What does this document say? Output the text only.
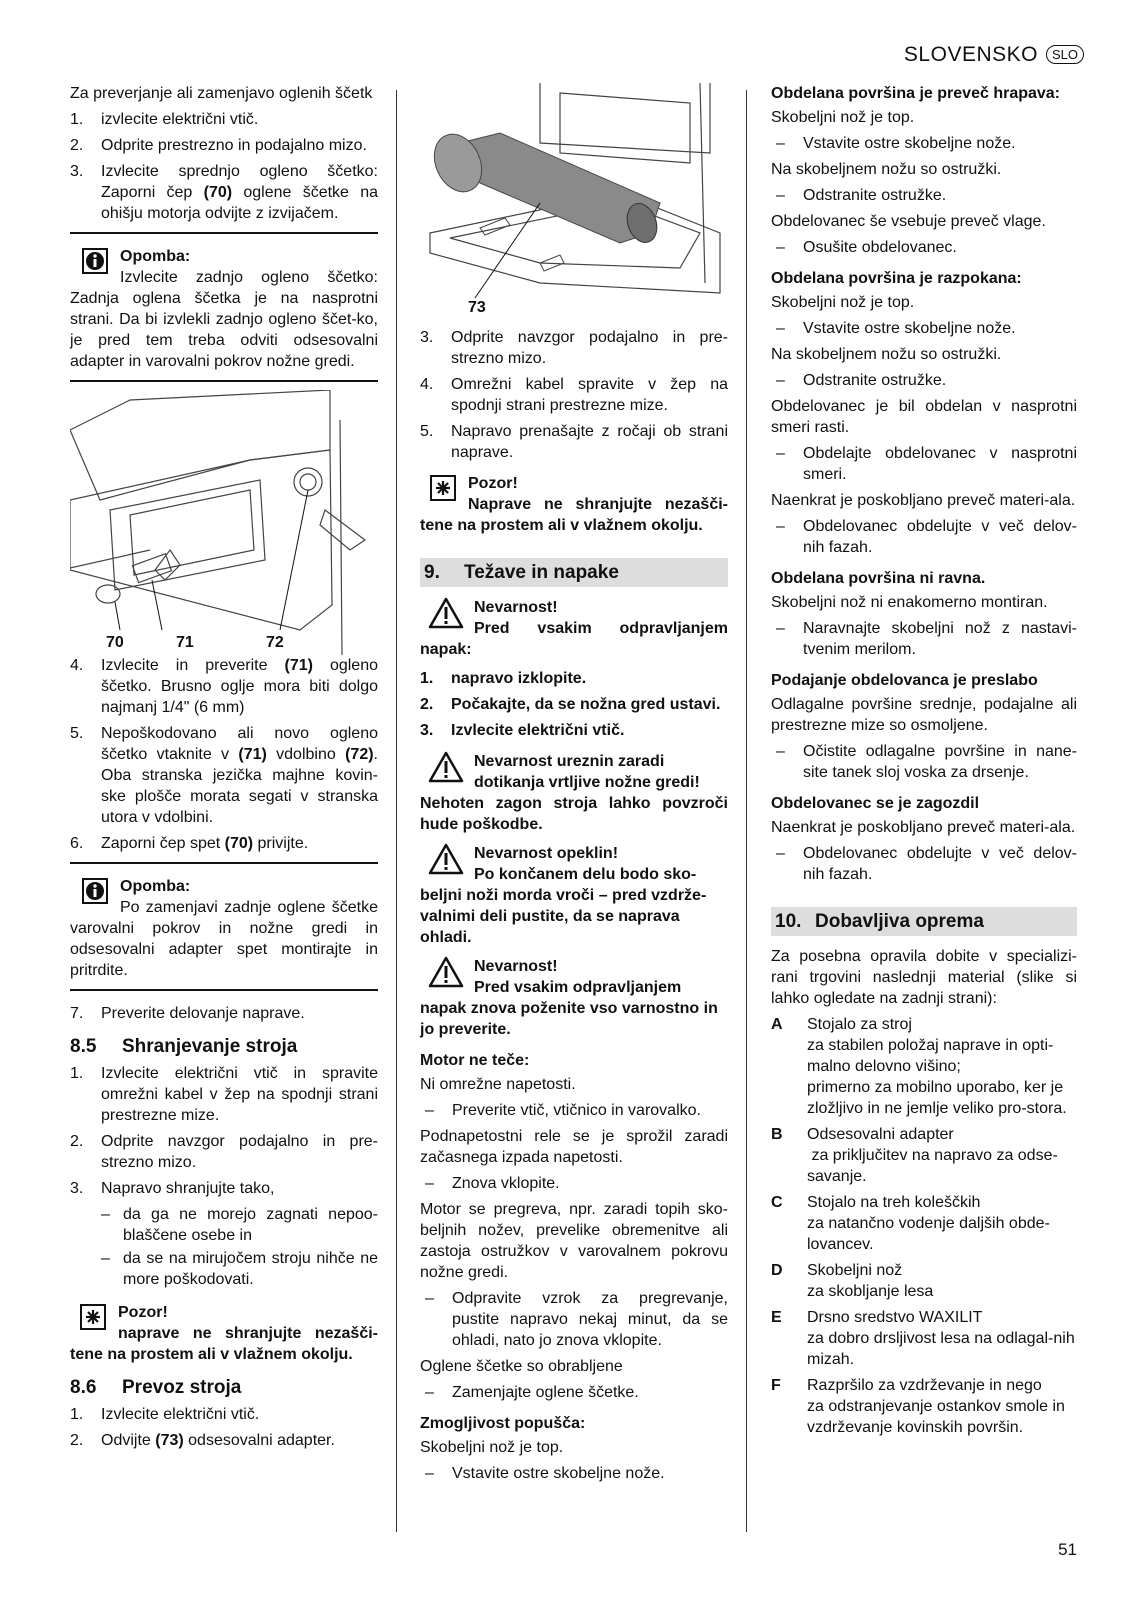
SLOVENSKO	SLO

Za preverjanje ali zamenjavo oglenih ščetk

1.	izvlecite električni vtič.
2.	Odprite prestrezno in podajalno mizo.
3.	Izvlecite sprednjo ogleno ščetko: Zaporni čep (70) oglene ščetke na ohišju motorja odvijte z izvijačem.

Opomba:
Izvlecite zadnjo ogleno ščetko: Zadnja oglena ščetka je na nasprotni strani. Da bi izvlekli zadnjo ogleno ščet-ko, je pred tem treba odviti odsesovalni adapter in varovalni pokrov nožne gredi.

70	71	72
4.	Izvlecite in preverite (71) ogleno ščetko. Brusno oglje mora biti dolgo najmanj 1/4" (6 mm)
5.	Nepoškodovano ali novo ogleno ščetko vtaknite v (71) vdolbino (72). Oba stranska jezička majhne kovin-ske plošče morata segati v stranska utora v vdolbini.
6.	Zaporni čep spet (70) privijte.

Opomba:
Po zamenjavi zadnje oglene ščetke varovalni pokrov in nožne gredi in odsesovalni adapter spet montirajte in pritrdite.

7.	Preverite delovanje naprave.
8.5	Shranjevanje stroja
1.	Izvlecite električni vtič in spravite omrežni kabel v žep na spodnji strani prestrezne mize.
2.	Odprite navzgor podajalno in pre-strezno mizo.
3.	Napravo shranjujte tako,
– da ga ne morejo zagnati nepoo-blaščene osebe in
– da se na mirujočem stroju nihče ne more poškodovati.

Pozor!
naprave ne shranjujte nezašči-tene na prostem ali v vlažnem okolju.

8.6	Prevoz stroja
1.	Izvlecite električni vtič.
2.	Odvijte (73) odsesovalni adapter.
73
3.	Odprite navzgor podajalno in pre-strezno mizo.
4.	Omrežni kabel spravite v žep na spodnji strani prestrezne mize.
5.	Napravo prenašajte z ročaji ob strani naprave.

Pozor!
Naprave ne shranjujte nezašči-tene na prostem ali v vlažnem okolju.

9.	Težave in napake
Nevarnost!

Pred vsakim odpravljanjem napak:
1.	napravo izklopite.
2.	Počakajte, da se nožna gred ustavi.
3.	Izvlecite električni vtič.
Nevarnost ureznin zaradi dotikanja vrtljive nožne gredi!
Nehoten zagon stroja lahko povzroči hude poškodbe.
Nevarnost opeklin!
Po končanem delu bodo sko-beljni noži morda vroči – pred vzdrže-valnimi deli pustite, da se naprava ohladi.
Nevarnost!
Pred vsakim odpravljanjem napak znova poženite vso varnostno in jo preverite.
Motor ne teče:

Ni omrežne napetosti.

–	Preverite vtič, vtičnico in varovalko.

Podnapetostni rele se je sprožil zaradi začasnega izpada napetosti.

–	Znova vklopite.

Motor se pregreva, npr. zaradi topih sko-beljnih nožev, prevelike obremenitve ali zastoja ostružkov v varovalnem pokrovu nožne gredi.

–	Odpravite vzrok za pregrevanje, pustite napravo nekaj minut, da se ohladi, nato jo znova vklopite.

Oglene ščetke so obrabljene

–	Zamenjajte oglene ščetke.
Zmogljivost popušča:

Skobeljni nož je top.

–	Vstavite ostre skobeljne nože.
Obdelana površina je preveč hrapava:

Skobeljni nož je top.

–	Vstavite ostre skobeljne nože.

Na skobeljnem nožu so ostružki.

–	Odstranite ostružke.

Obdelovanec še vsebuje preveč vlage.

–	Osušite obdelovanec.
Obdelana površina je razpokana:

Skobeljni nož je top.

–	Vstavite ostre skobeljne nože.

Na skobeljnem nožu so ostružki.

–	Odstranite ostružke.

Obdelovanec je bil obdelan v nasprotni smeri rasti.

–	Obdelajte obdelovanec v nasprotni smeri.

Naenkrat je poskobljano preveč materi-ala.

–	Obdelovanec obdelujte v več delov-nih fazah.
Obdelana površina ni ravna.

Skobeljni nož ni enakomerno montiran.

–	Naravnajte skobeljni nož z nastavi-tvenim merilom.
Podajanje obdelovanca je preslabo

Odlagalne površine srednje, podajalne ali prestrezne mize so osmoljene.

–	Očistite odlagalne površine in nane-site tanek sloj voska za drsenje.
Obdelovanec se je zagozdil

Naenkrat je poskobljano preveč materi-ala.

–	Obdelovanec obdelujte v več delov-nih fazah.
10. Dobavljiva oprema

Za posebna opravila dobite v specializi-rani trgovini naslednji material (slike si lahko ogledate na zadnji strani):

A	Stojalo za stroj
za stabilen položaj naprave in opti-malno delovno višino;
primerno za mobilno uporabo, ker je zložljivo in ne jemlje veliko pro-stora.
B	Odsesovalni adapter
za priključitev na napravo za odse-savanje.
C	Stojalo na treh koleščkih
za natančno vodenje daljših obde-lovancev.
D	Skobeljni nož
za skobljanje lesa
E	Drsno sredstvo WAXILIT
za dobro drsljivost lesa na odlagal-nih mizah.
F	Razpršilo za vzdrževanje in nego
za odstranjevanje ostankov smole in vzdrževanje kovinskih površin.
51
